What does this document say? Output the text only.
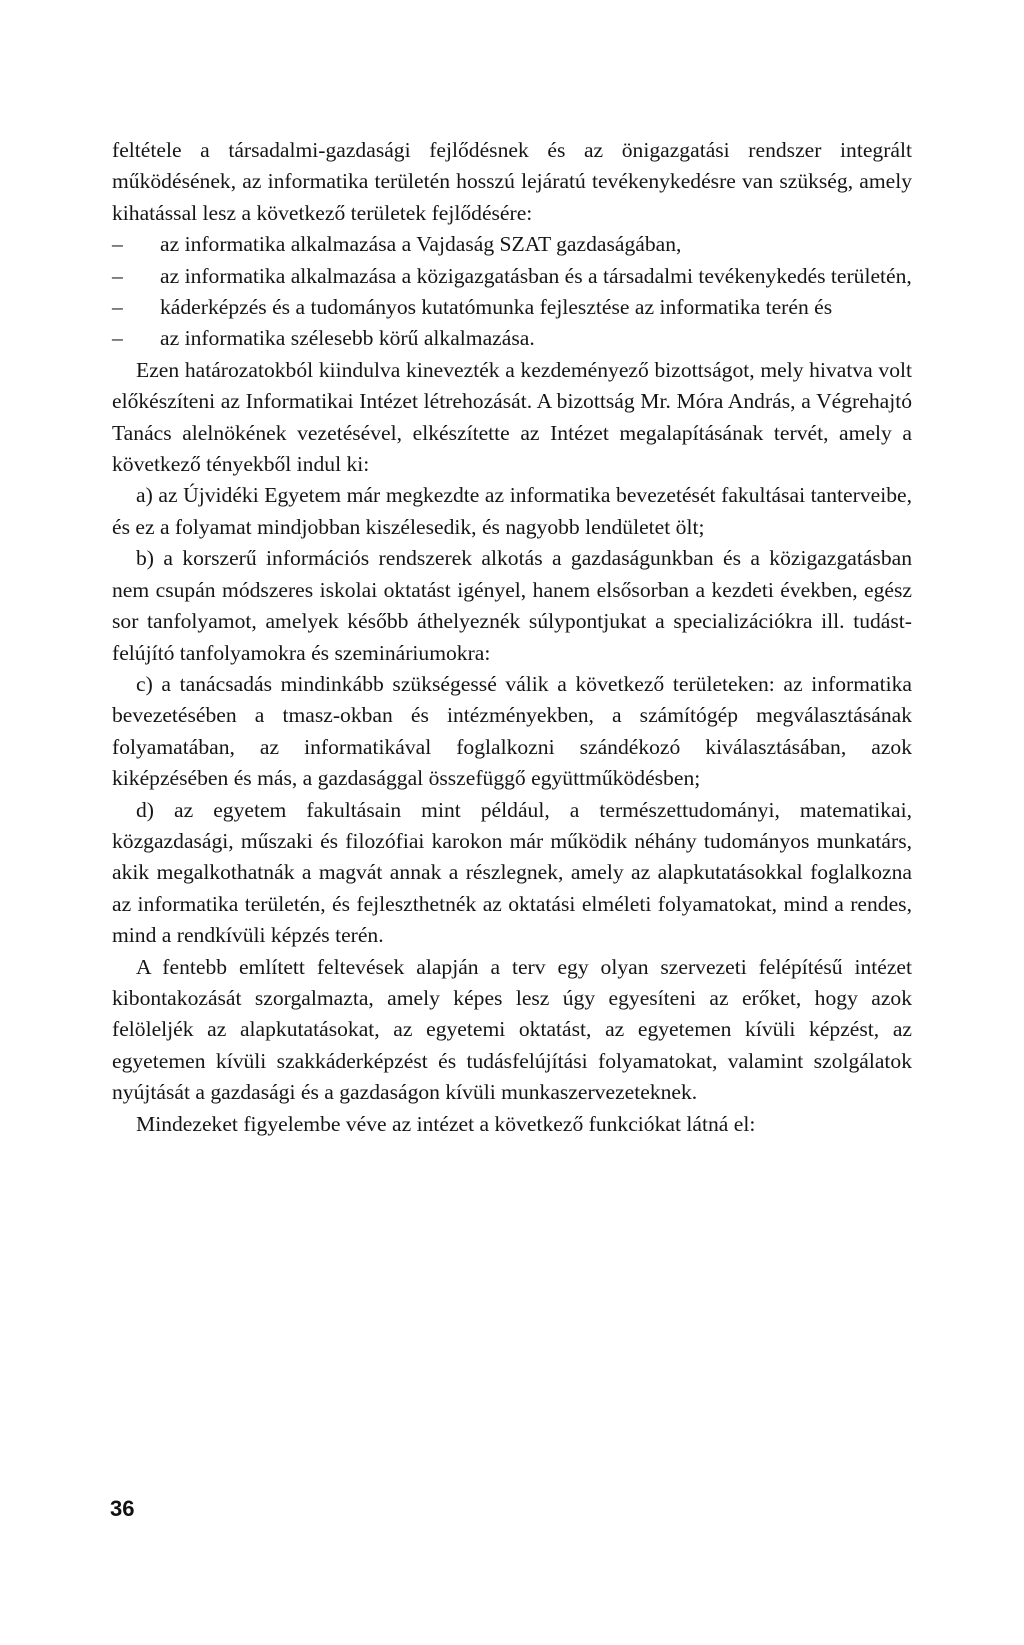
feltétele a társadalmi-gazdasági fejlődésnek és az önigazgatási rendszer integrált működésének, az informatika területén hosszú lejáratú tevékenykedésre van szükség, amely kihatással lesz a következő területek fejlődésére:

– az informatika alkalmazása a Vajdaság SZAT gazdaságában,
– az informatika alkalmazása a közigazgatásban és a társadalmi tevékenykedés területén,
– káderképzés és a tudományos kutatómunka fejlesztése az informatika terén és
– az informatika szélesebb körű alkalmazása.

Ezen határozatokból kiindulva kinevezték a kezdeményező bizottságot, mely hivatva volt előkészíteni az Informatikai Intézet létrehozását. A bizottság Mr. Móra András, a Végrehajtó Tanács alelnökének vezetésével, elkészítette az Intézet megalapításának tervét, amely a következő tényekből indul ki:

a) az Újvidéki Egyetem már megkezdte az informatika bevezetését fakultásai tanterveibe, és ez a folyamat mindjobban kiszélesedik, és nagyobb lendületet ölt;

b) a korszerű információs rendszerek alkotás a gazdaságunkban és a közigazgatásban nem csupán módszeres iskolai oktatást igényel, hanem elsősorban a kezdeti években, egész sor tanfolyamot, amelyek később áthelyeznék súlypontjukat a specializációkra ill. tudást-felújító tanfolyamokra és szemináriumokra:

c) a tanácsadás mindinkább szükségessé válik a következő területeken: az informatika bevezetésében a tmasz-okban és intézményekben, a számítógép megválasztásának folyamatában, az informatikával foglalkozni szándékozó kiválasztásában, azok kiképzésében és más, a gazdasággal összefüggő együttműködésben;

d) az egyetem fakultásain mint például, a természettudományi, matematikai, közgazdasági, műszaki és filozófiai karokon már működik néhány tudományos munkatárs, akik megalkothatnák a magvát annak a részlegnek, amely az alapkutatásokkal foglalkozna az informatika területén, és fejleszthetnék az oktatási elméleti folyamatokat, mind a rendes, mind a rendkívüli képzés terén.

A fentebb említett feltevések alapján a terv egy olyan szervezeti felépítésű intézet kibontakozását szorgalmazta, amely képes lesz úgy egyesíteni az erőket, hogy azok felöleljék az alapkutatásokat, az egyetemi oktatást, az egyetemen kívüli képzést, az egyetemen kívüli szakkáderképzést és tudásfelújítási folyamatokat, valamint szolgálatok nyújtását a gazdasági és a gazdaságon kívüli munkaszervezeteknek.

Mindezeket figyelembe véve az intézet a következő funkciókat látná el:

36
